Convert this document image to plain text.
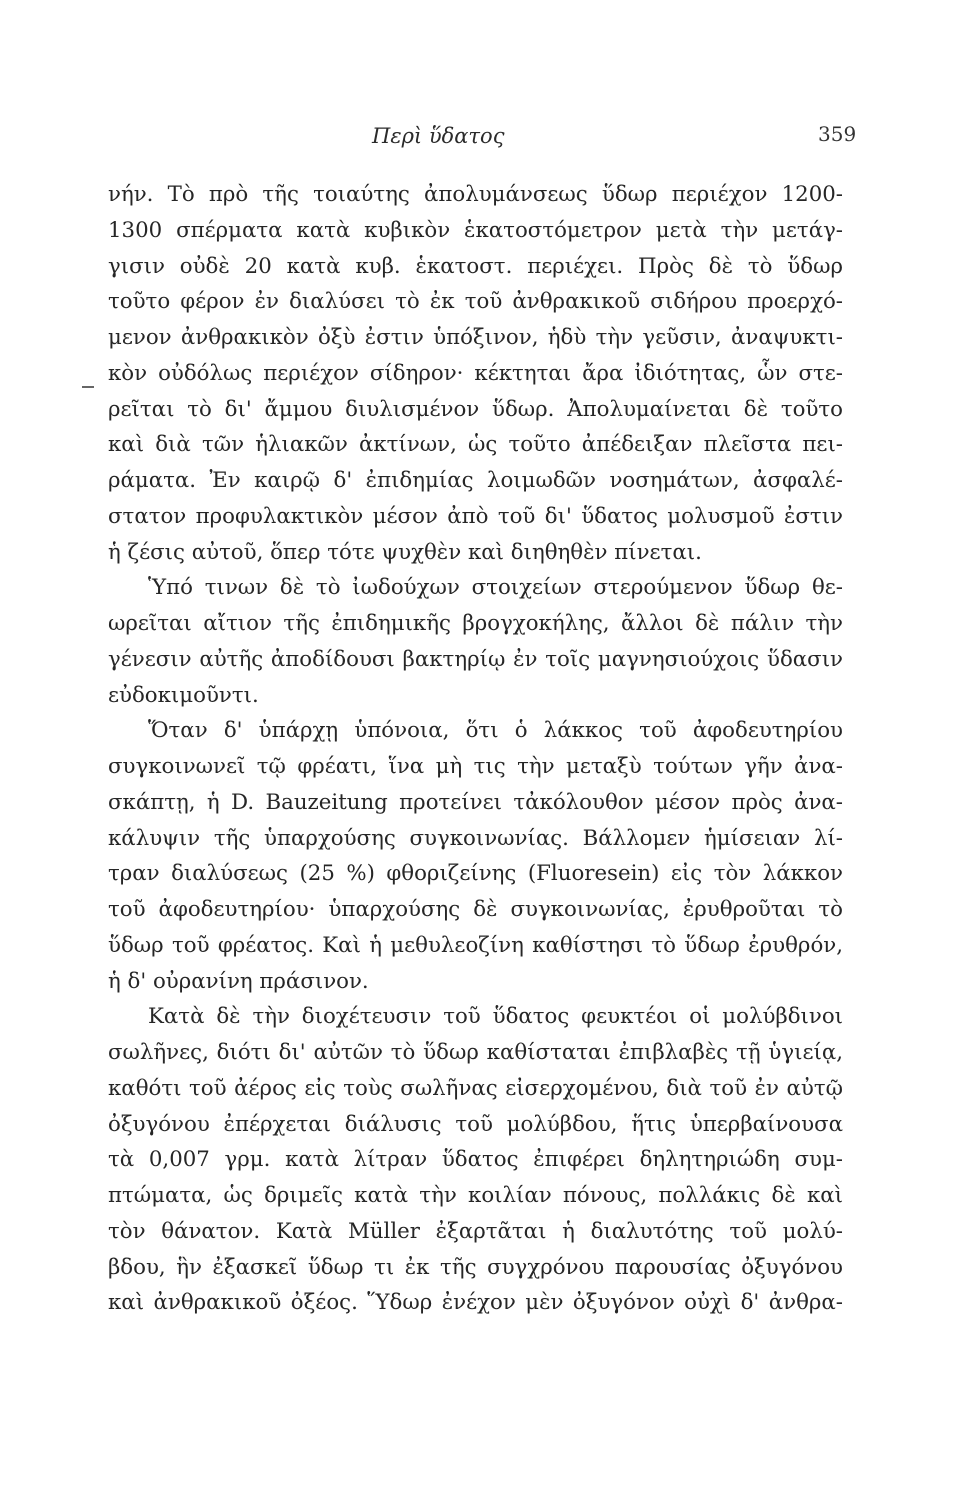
Περὶ ὕδατος	359
νήν. Τὸ πρὸ τῆς τοιαύτης ἀπολυμάνσεως ὕδωρ περιέχον 1200-
1300 σπέρματα κατὰ κυβικὸν ἑκατοστόμετρον μετὰ τὴν μετάγ-
γισιν οὐδὲ 20 κατὰ κυβ. ἑκατοστ. περιέχει. Πρὸς δὲ τὸ ὕδωρ
τοῦτο φέρον ἐν διαλύσει τὸ ἐκ τοῦ ἀνθρακικοῦ σιδήρου προερχό-
μενον ἀνθρακικὸν ὀξὺ ἐστιν ὑπόξινον, ἡδὺ τὴν γεῦσιν, ἀναψυκτι-
κὸν οὐδόλως περιέχον σίδηρον· κέκτηται ἄρα ἰδιότητας, ὧν στε-
ρεῖται τὸ δι' ἄμμου διυλισμένον ὕδωρ. Ἀπολυμαίνεται δὲ τοῦτο
καὶ διὰ τῶν ἡλιακῶν ἀκτίνων, ὡς τοῦτο ἀπέδειξαν πλεῖστα πει-
ράματα. Ἐν καιρῷ δ' ἐπιδημίας λοιμωδῶν νοσημάτων, ἀσφαλέ-
στατον προφυλακτικὸν μέσον ἀπὸ τοῦ δι' ὕδατος μολυσμοῦ ἐστιν
ἡ ζέσις αὐτοῦ, ὅπερ τότε ψυχθὲν καὶ διηθηθὲν πίνεται.
Ὑπό τινων δὲ τὸ ἰωδούχων στοιχείων στερούμενον ὕδωρ θε-
ωρεῖται αἴτιον τῆς ἐπιδημικῆς βρογχοκήλης, ἄλλοι δὲ πάλιν τὴν
γένεσιν αὐτῆς ἀποδίδουσι βακτηρίῳ ἐν τοῖς μαγνησιούχοις ὕδασιν
εὐδοκιμοῦντι.
Ὅταν δ' ὑπάρχῃ ὑπόνοια, ὅτι ὁ λάκκος τοῦ ἀφοδευτηρίου
συγκοινωνεῖ τῷ φρέατι, ἵνα μὴ τις τὴν μεταξὺ τούτων γῆν ἀνα-
σκάπτῃ, ἡ D. Bauzeitung προτείνει τἀκόλουθον μέσον πρὸς ἀνα-
κάλυψιν τῆς ὑπαρχούσης συγκοινωνίας. Βάλλομεν ἡμίσειαν λί-
τραν διαλύσεως (25 %) φθοριζείνης (Fluoresein) εἰς τὸν λάκκον
τοῦ ἀφοδευτηρίου· ὑπαρχούσης δὲ συγκοινωνίας, ἐρυθροῦται τὸ
ὕδωρ τοῦ φρέατος. Καὶ ἡ μεθυλεοζίνη καθίστησι τὸ ὕδωρ ἐρυθρόν,
ἡ δ' οὐρανίνη πράσινον.
Κατὰ δὲ τὴν διοχέτευσιν τοῦ ὕδατος φευκτέοι οἱ μολύβδινοι
σωλῆνες, διότι δι' αὐτῶν τὸ ὕδωρ καθίσταται ἐπιβλαβὲς τῇ ὑγιείᾳ,
καθότι τοῦ ἀέρος εἰς τοὺς σωλῆνας εἰσερχομένου, διὰ τοῦ ἐν αὐτῷ
ὀξυγόνου ἐπέρχεται διάλυσις τοῦ μολύβδου, ἥτις ὑπερβαίνουσα
τὰ 0,007 γρμ. κατὰ λίτραν ὕδατος ἐπιφέρει δηλητηριώδη συμ-
πτώματα, ὡς δριμεῖς κατὰ τὴν κοιλίαν πόνους, πολλάκις δὲ καὶ
τὸν θάνατον. Κατὰ Müller ἐξαρτᾶται ἡ διαλυτότης τοῦ μολύ-
βδου, ἣν ἐξασκεῖ ὕδωρ τι ἐκ τῆς συγχρόνου παρουσίας ὀξυγόνου
καὶ ἀνθρακικοῦ ὀξέος. Ὕδωρ ἐνέχον μὲν ὀξυγόνον οὐχὶ δ' ἀνθρα-
